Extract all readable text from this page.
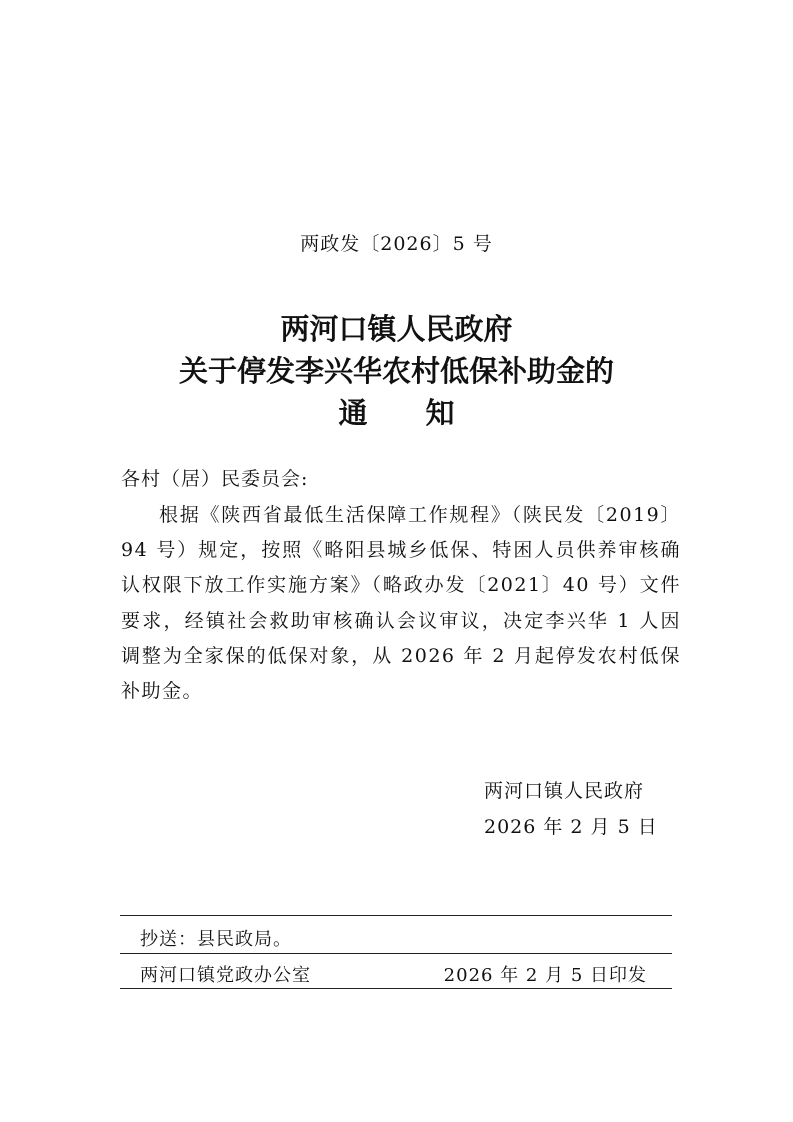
两政发〔2026〕5 号
两河口镇人民政府
关于停发李兴华农村低保补助金的
通 知
各村（居）民委员会:

根据《陕西省最低生活保障工作规程》（陕民发〔2019〕94 号）规定，按照《略阳县城乡低保、特困人员供养审核确认权限下放工作实施方案》（略政办发〔2021〕40 号）文件要求，经镇社会救助审核确认会议审议，决定李兴华 1 人因调整为全家保的低保对象，从 2026 年 2 月起停发农村低保补助金。

两河口镇人民政府
2026 年 2 月 5 日
抄送：县民政局。
两河口镇党政办公室	2026 年 2 月 5 日印发
